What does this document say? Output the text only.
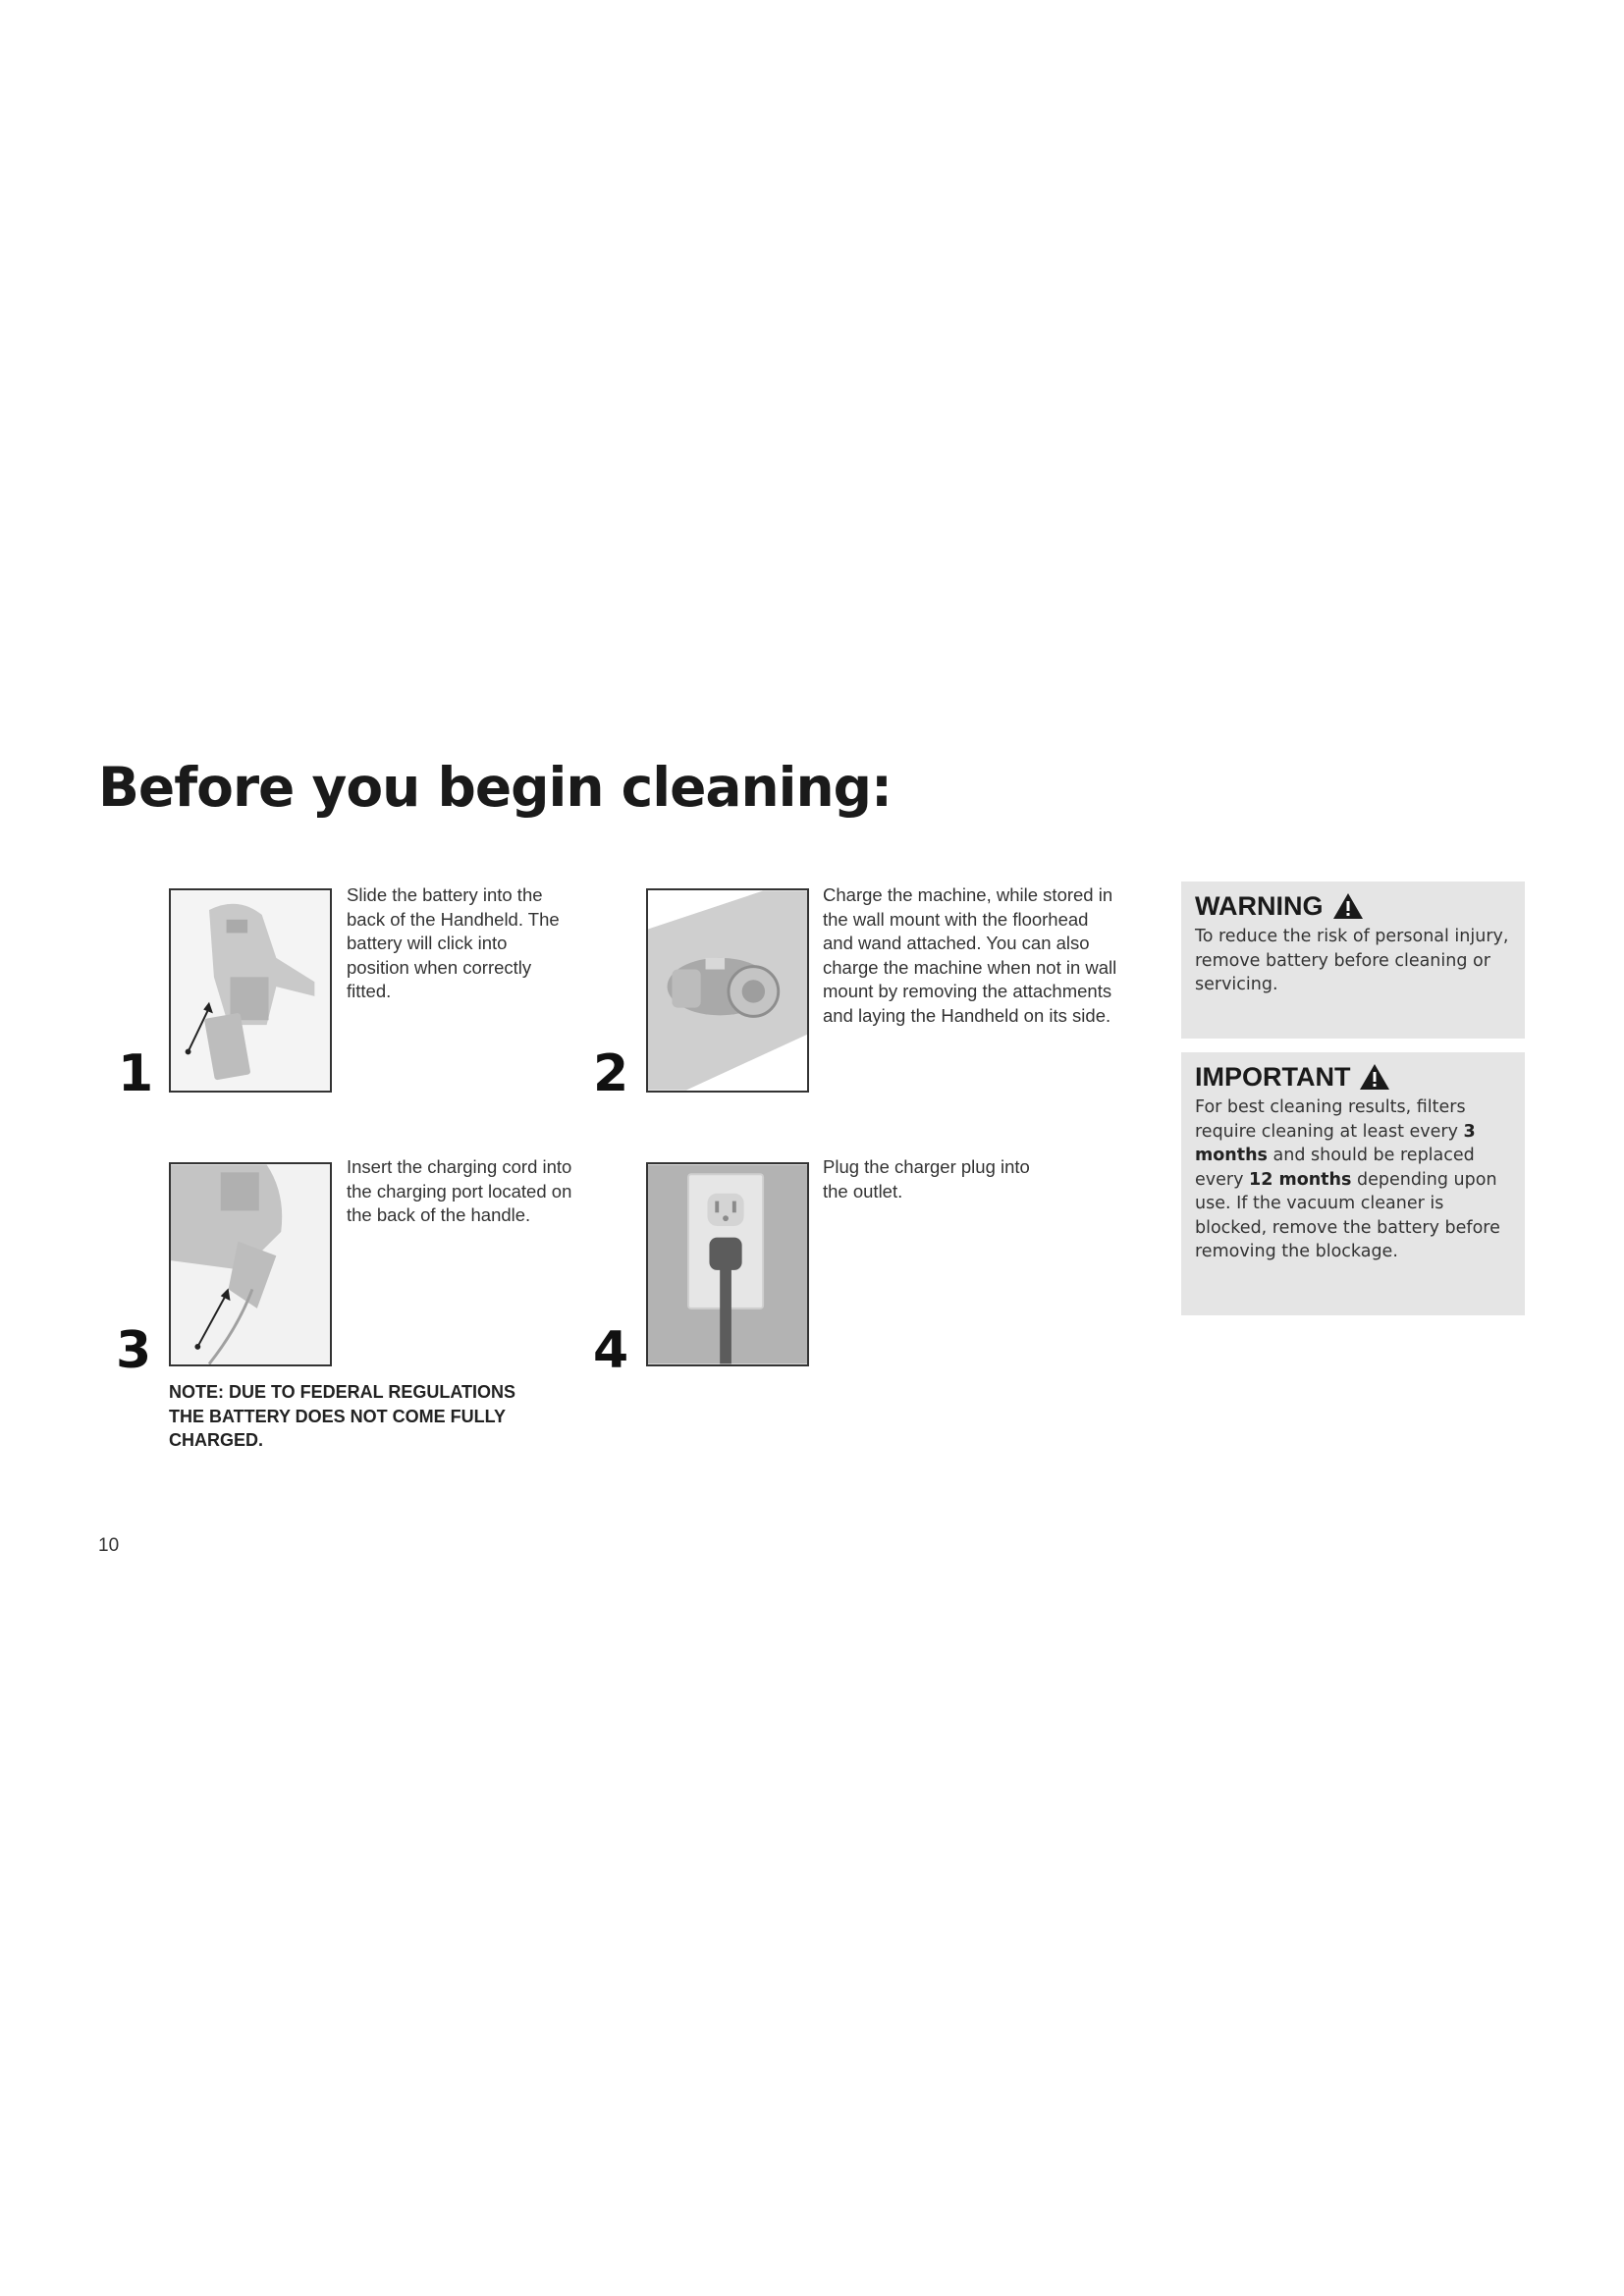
Before you begin cleaning:
1

Slide the battery into the back of the Handheld. The battery will click into position when correctly fitted.

2

Charge the machine, while stored in the wall mount with the floorhead and wand attached. You can also charge the machine when not in wall mount by removing the attachments and laying the Handheld on its side.

3

Insert the charging cord into the charging port located on the back of the handle.

4

Plug the charger plug into the outlet.

NOTE: DUE TO FEDERAL REGULATIONS THE BATTERY DOES NOT COME FULLY CHARGED.

WARNING
To reduce the risk of personal injury, remove battery before cleaning or servicing.
IMPORTANT
For best cleaning results, filters require cleaning at least every 3 months and should be replaced every 12 months depending upon use. If the vacuum cleaner is blocked, remove the battery before removing the blockage.
10
